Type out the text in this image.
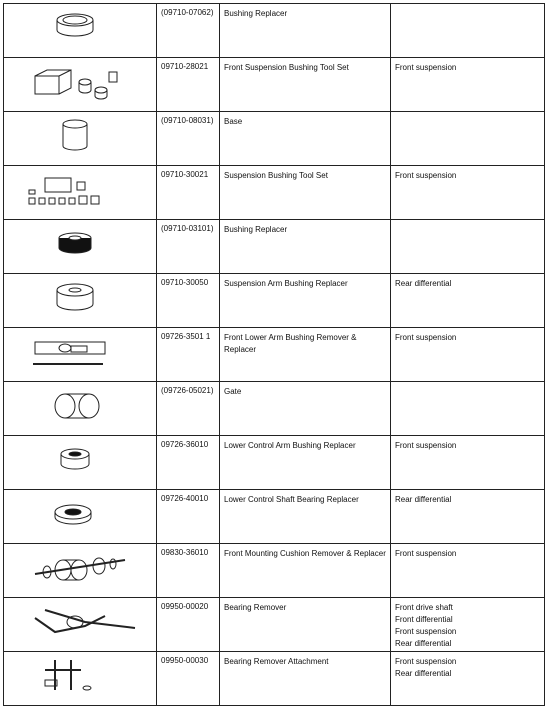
(09710-07062)	Bushing Replacer	

09710-28021	Front Suspension Bushing Tool Set	Front suspension

(09710-08031)	Base	

09710-30021	Suspension Bushing Tool Set	Front suspension

(09710-03101)	Bushing Replacer	

09710-30050	Suspension Arm Bushing Replacer	Rear differential

09726-3501 1	Front Lower Arm Bushing Remover & Replacer	Front suspension

(09726-05021)	Gate	

09726-36010	Lower Control Arm Bushing Replacer	Front suspension

09726-40010	Lower Control Shaft Bearing Replacer	Rear differential

09830-36010	Front Mounting Cushion Remover & Replacer	Front suspension

09950-00020	Bearing Remover	Front drive shaft
Front differential
Front suspension
Rear differential

09950-00030	Bearing Remover Attachment	Front suspension
Rear differential
